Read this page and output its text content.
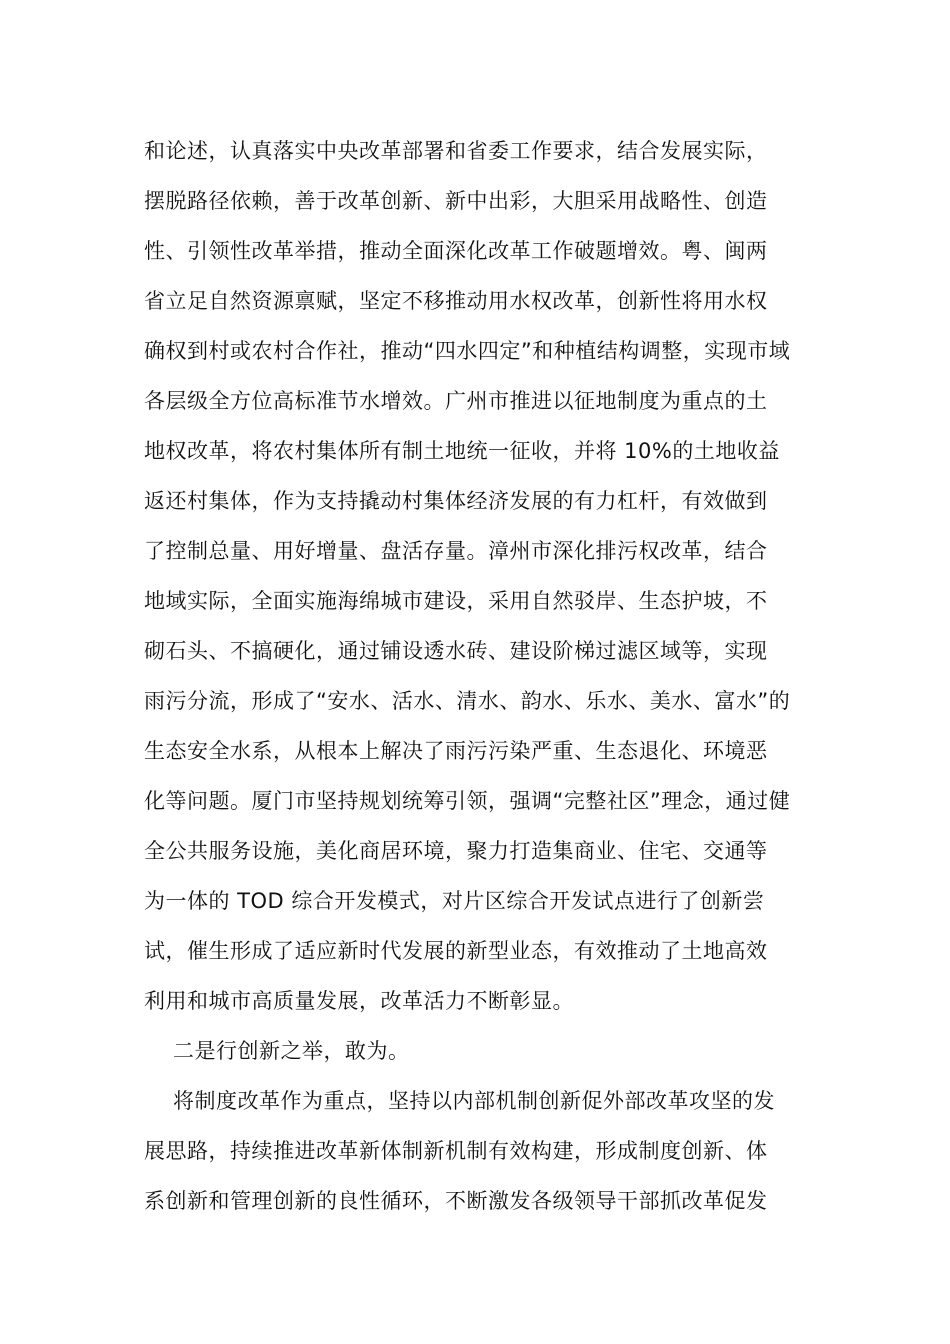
和论述，认真落实中央改革部署和省委工作要求，结合发展实际，
摆脱路径依赖，善于改革创新、新中出彩，大胆采用战略性、创造
性、引领性改革举措，推动全面深化改革工作破题增效。粤、闽两
省立足自然资源禀赋，坚定不移推动用水权改革，创新性将用水权
确权到村或农村合作社，推动“四水四定”和种植结构调整，实现市域
各层级全方位高标准节水增效。广州市推进以征地制度为重点的土
地权改革，将农村集体所有制土地统一征收，并将 10%的土地收益
返还村集体，作为支持撬动村集体经济发展的有力杠杆，有效做到
了控制总量、用好增量、盘活存量。漳州市深化排污权改革，结合
地域实际，全面实施海绵城市建设，采用自然驳岸、生态护坡，不
砌石头、不搞硬化，通过铺设透水砖、建设阶梯过滤区域等，实现
雨污分流，形成了“安水、活水、清水、韵水、乐水、美水、富水”的
生态安全水系，从根本上解决了雨污污染严重、生态退化、环境恶
化等问题。厦门市坚持规划统筹引领，强调“完整社区”理念，通过健
全公共服务设施，美化商居环境，聚力打造集商业、住宅、交通等
为一体的 TOD 综合开发模式，对片区综合开发试点进行了创新尝
试，催生形成了适应新时代发展的新型业态，有效推动了土地高效
利用和城市高质量发展，改革活力不断彰显。
二是行创新之举，敢为。
将制度改革作为重点，坚持以内部机制创新促外部改革攻坚的发
展思路，持续推进改革新体制新机制有效构建，形成制度创新、体
系创新和管理创新的良性循环，不断激发各级领导干部抓改革促发
